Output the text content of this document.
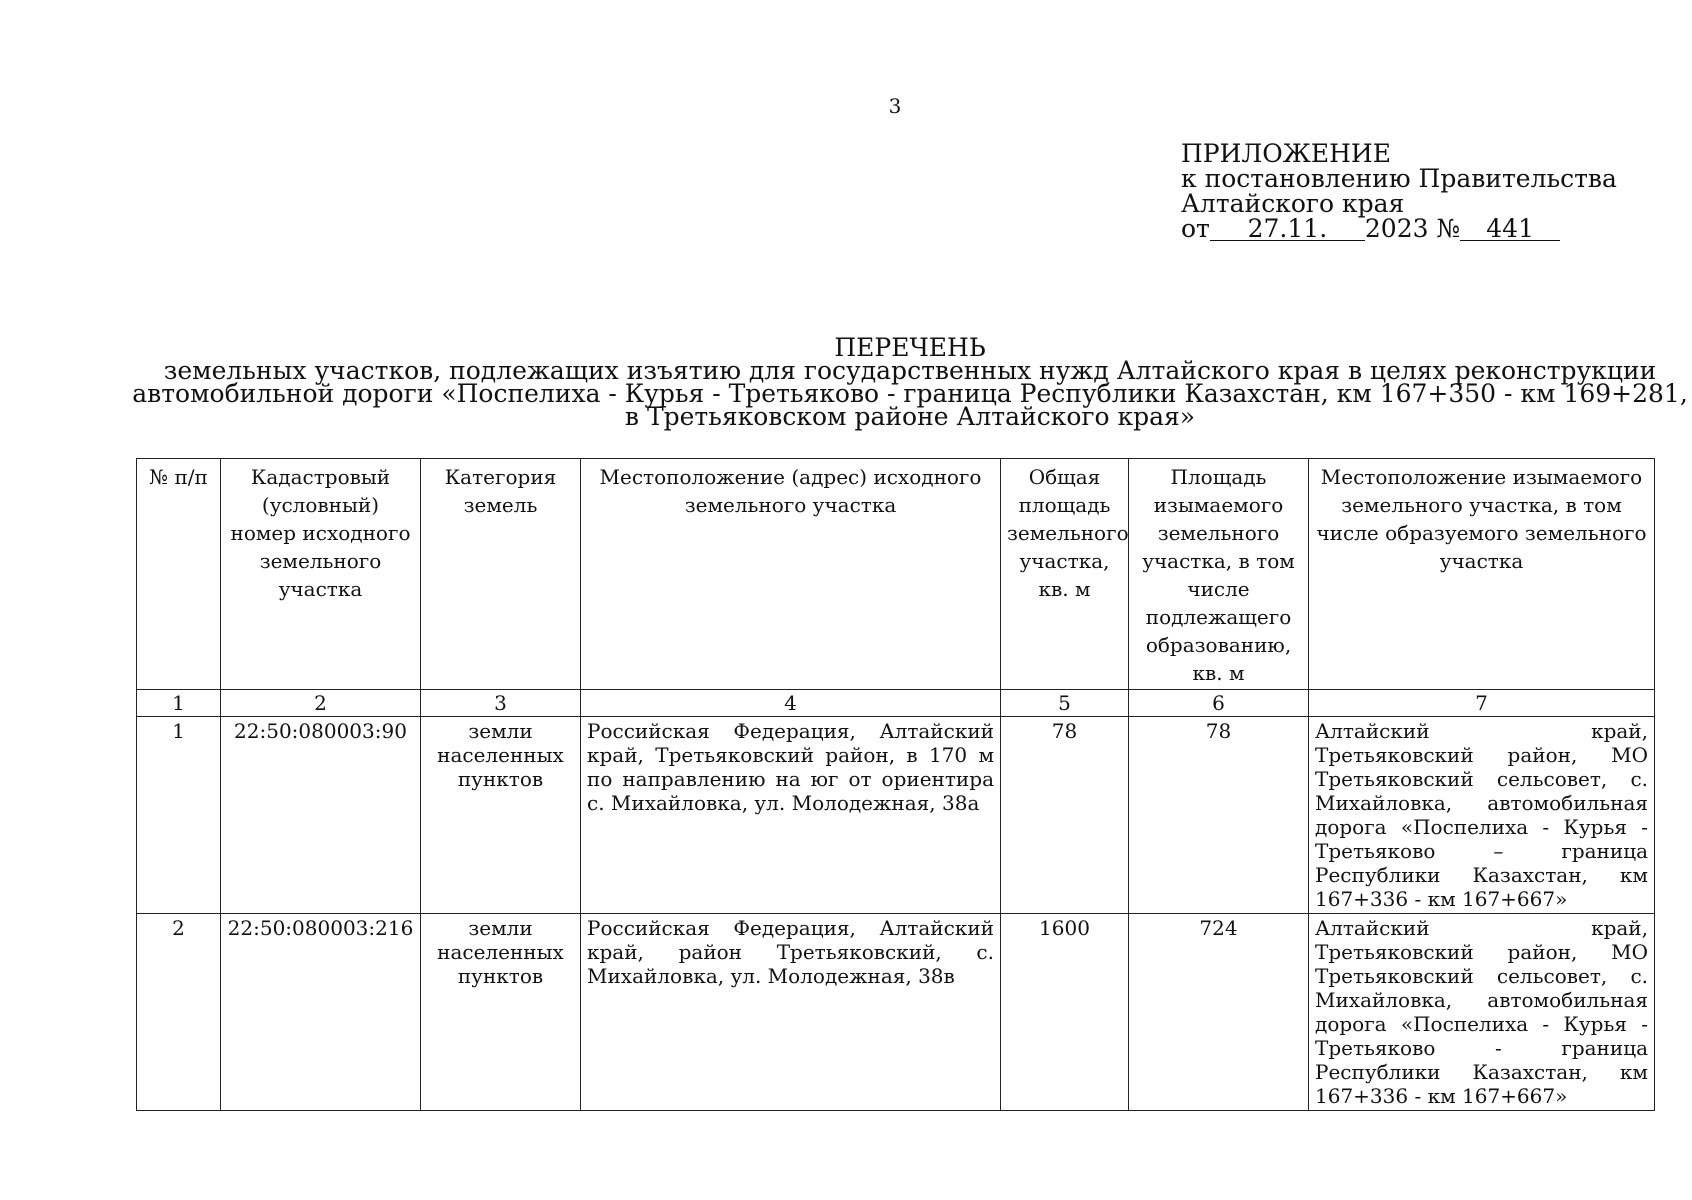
3
ПРИЛОЖЕНИЕ
к постановлению Правительства
Алтайского края
от 27.11. 2023 № 441
ПЕРЕЧЕНЬ
земельных участков, подлежащих изъятию для государственных нужд Алтайского края в целях реконструкции
автомобильной дороги «Поспелиха - Курья - Третьяково - граница Республики Казахстан, км 167+350 - км 169+281,
в Третьяковском районе Алтайского края»
№ п/п	Кадастровый (условный) номер исходного земельного участка	Категория земель	Местоположение (адрес) исходного земельного участка	Общая площадь земельного участка, кв. м	Площадь изымаемого земельного участка, в том числе подлежащего образованию, кв. м	Местоположение изымаемого земельного участка, в том числе образуемого земельного участка
1	2	3	4	5	6	7
1	22:50:080003:90	земли населенных пунктов	Российская Федерация, Алтайский край, Третьяковский район, в 170 м по направлению на юг от ориентира с. Михайловка, ул. Молодежная, 38а	78	78	Алтайский край, Третьяковский район, МО Третьяковский сельсовет, с. Михайловка, автомобильная дорога «Поспелиха - Курья - Третьяково – граница Республики Казахстан, км 167+336 - км 167+667»
2	22:50:080003:216	земли населенных пунктов	Российская Федерация, Алтайский край, район Третьяковский, с. Михайловка, ул. Молодежная, 38в	1600	724	Алтайский край, Третьяковский район, МО Третьяковский сельсовет, с. Михайловка, автомобильная дорога «Поспелиха - Курья - Третьяково - граница Республики Казахстан, км 167+336 - км 167+667»
